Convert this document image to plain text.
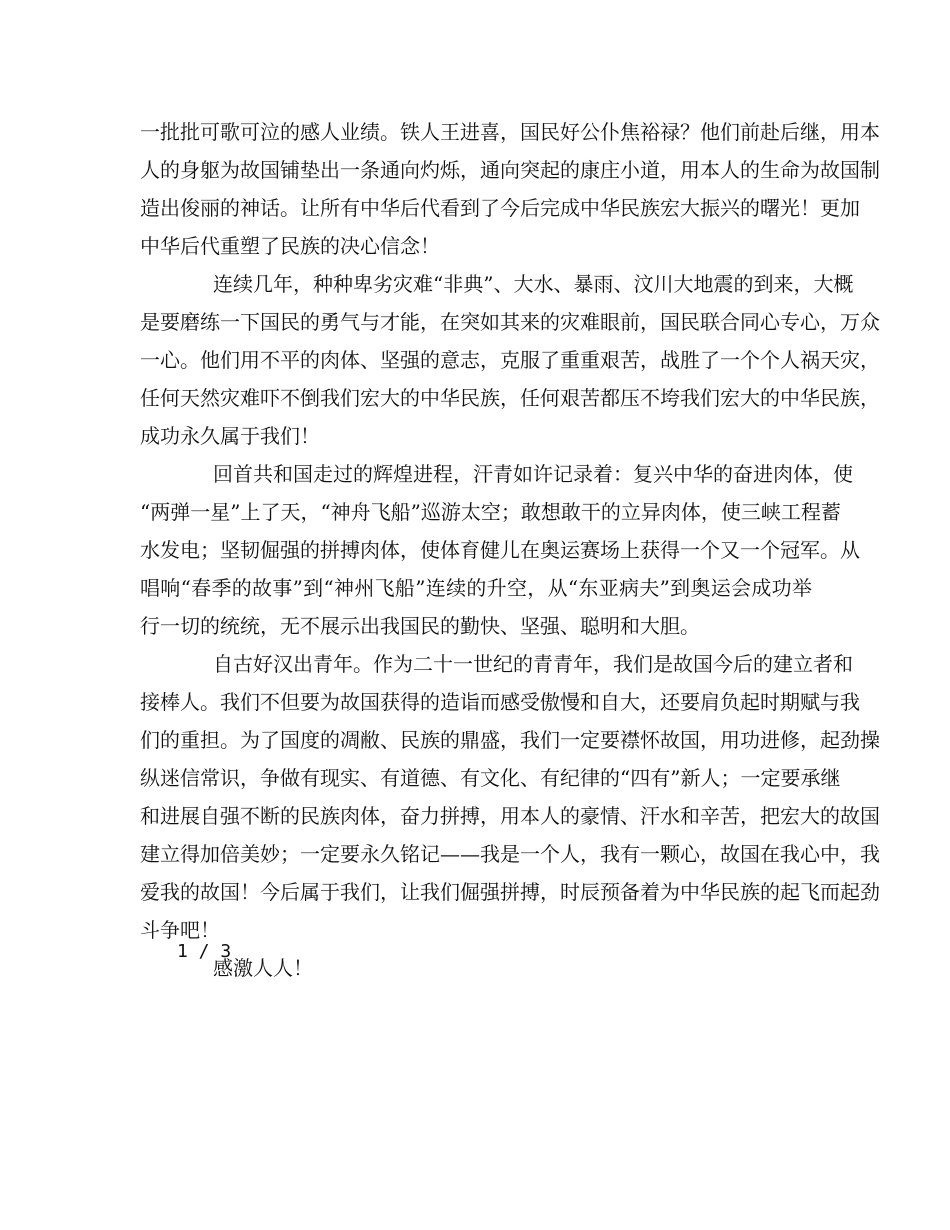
一批批可歌可泣的感人业绩。铁人王进喜，国民好公仆焦裕禄？他们前赴后继，用本
人的身躯为故国铺垫出一条通向灼烁，通向突起的康庄小道，用本人的生命为故国制
造出俊丽的神话。让所有中华后代看到了今后完成中华民族宏大振兴的曙光！更加
中华后代重塑了民族的决心信念！
连续几年，种种卑劣灾难“非典”、大水、暴雨、汶川大地震的到来，大概
是要磨练一下国民的勇气与才能，在突如其来的灾难眼前，国民联合同心专心，万众
一心。他们用不平的肉体、坚强的意志，克服了重重艰苦，战胜了一个个人祸天灾，
任何天然灾难吓不倒我们宏大的中华民族，任何艰苦都压不垮我们宏大的中华民族，
成功永久属于我们！
回首共和国走过的辉煌进程，汗青如许记录着：复兴中华的奋进肉体，使
“两弹一星”上了天，“神舟飞船”巡游太空；敢想敢干的立异肉体，使三峡工程蓄
水发电；坚韧倔强的拼搏肉体，使体育健儿在奥运赛场上获得一个又一个冠军。从
唱响“春季的故事”到“神州飞船”连续的升空，从“东亚病夫”到奥运会成功举
行一切的统统，无不展示出我国民的勤快、坚强、聪明和大胆。
自古好汉出青年。作为二十一世纪的青青年，我们是故国今后的建立者和
接棒人。我们不但要为故国获得的造诣而感受傲慢和自大，还要肩负起时期赋与我
们的重担。为了国度的凋敝、民族的鼎盛，我们一定要襟怀故国，用功进修，起劲操
纵迷信常识，争做有现实、有道德、有文化、有纪律的“四有”新人；一定要承继
和进展自强不断的民族肉体，奋力拼搏，用本人的豪情、汗水和辛苦，把宏大的故国
建立得加倍美妙；一定要永久铭记——我是一个人，我有一颗心，故国在我心中，我
爱我的故国！今后属于我们，让我们倔强拼搏，时辰预备着为中华民族的起飞而起劲
斗争吧！
感激人人！
1 / 3
